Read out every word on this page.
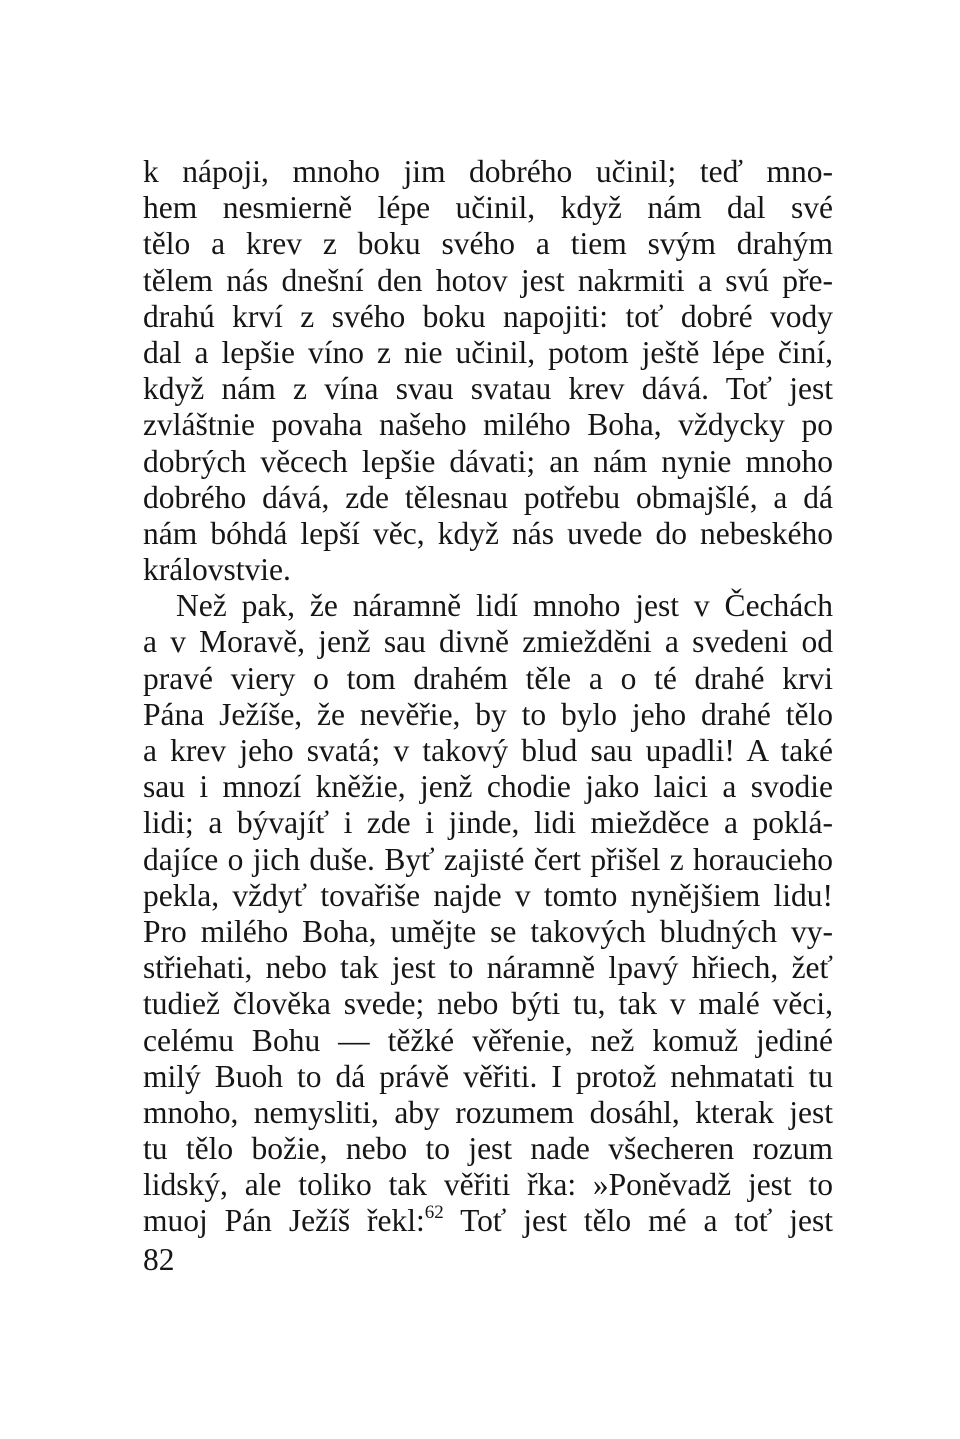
k nápoji, mnoho jim dobrého učinil; teď mno-
hem nesmierně lépe učinil, když nám dal své
tělo a krev z boku svého a tiem svým drahým
tělem nás dnešní den hotov jest nakrmiti a svú pře-
drahú krví z svého boku napojiti: toť dobré vody
dal a lepšie víno z nie učinil, potom ještě lépe činí,
když nám z vína svau svatau krev dává. Toť jest
zvláštnie povaha našeho milého Boha, vždycky po
dobrých věcech lepšie dávati; an nám nynie mnoho
dobrého dává, zde tělesnau potřebu obmajšlé, a dá
nám bóhdá lepší věc, když nás uvede do nebeského
královstvie.
Než pak, že náramně lidí mnoho jest v Čechách
a v Moravě, jenž sau divně zmiežděni a svedeni od
pravé viery o tom drahém těle a o té drahé krvi
Pána Ježíše, že nevěřie, by to bylo jeho drahé tělo
a krev jeho svatá; v takový blud sau upadli! A také
sau i mnozí kněžie, jenž chodie jako laici a svodie
lidi; a bývajíť i zde i jinde, lidi miežděce a poklá-
dajíce o jich duše. Byť zajisté čert přišel z horaucieho
pekla, vždyť tovařiše najde v tomto nynějšiem lidu!
Pro milého Boha, umějte se takových bludných vy-
střiehati, nebo tak jest to náramně lpavý hřiech, žeť
tudiež člověka svede; nebo býti tu, tak v malé věci,
celému Bohu — těžké věřenie, než komuž jediné
milý Buoh to dá právě věřiti. I protož nehmatati tu
mnoho, nemysliti, aby rozumem dosáhl, kterak jest
tu tělo božie, nebo to jest nade všecheren rozum
lidský, ale toliko tak věřiti řka: »Poněvadž jest to
muoj Pán Ježíš řekl:$^{62}$ Toť jest tělo mé a toť jest
82
